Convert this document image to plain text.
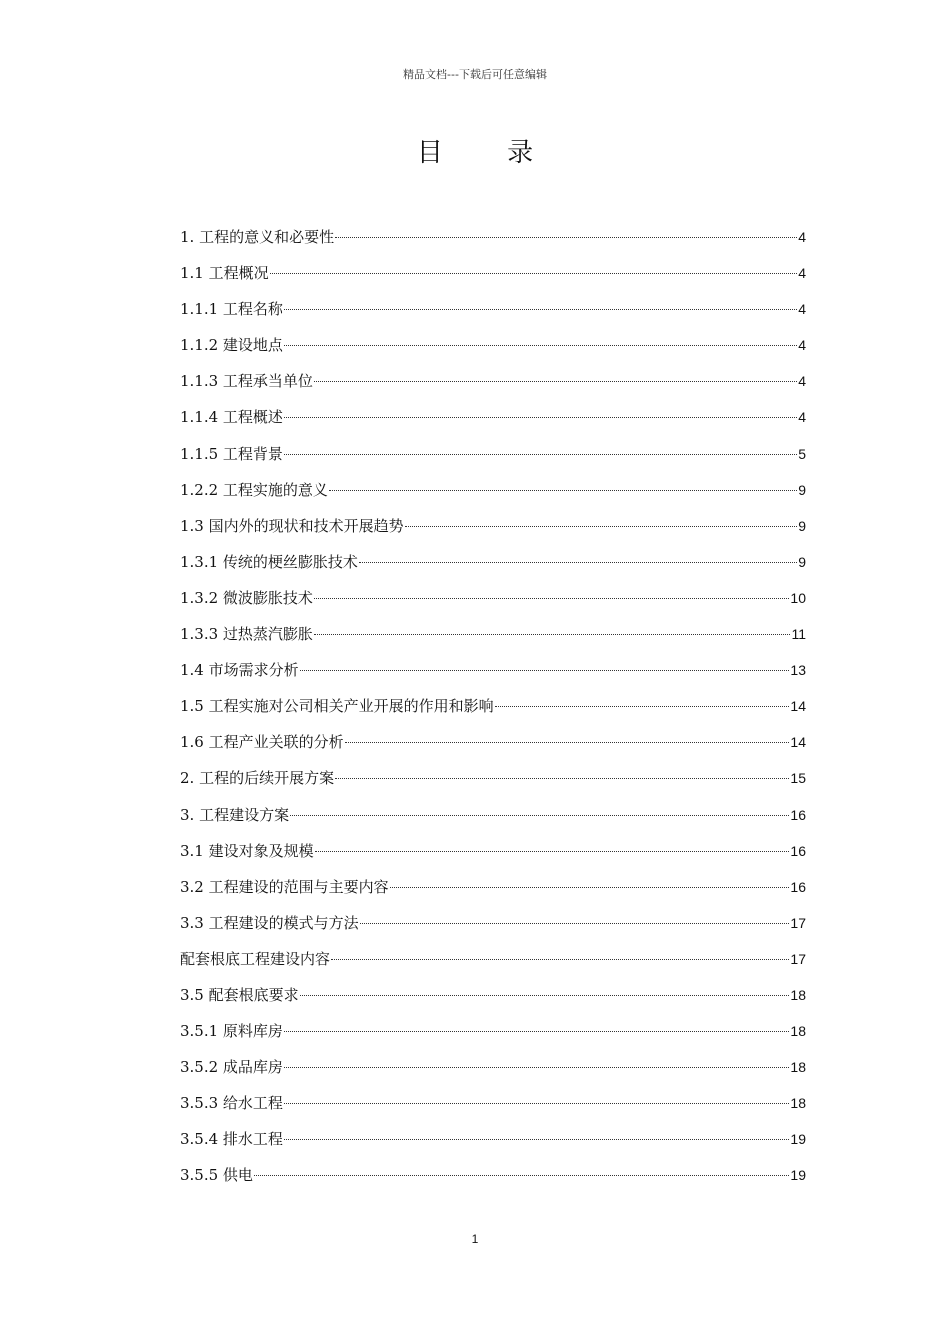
精品文档---下载后可任意编辑
目 录
1. 工程的意义和必要性	4
1.1 工程概况	4
1.1.1 工程名称	4
1.1.2 建设地点	4
1.1.3 工程承当单位	4
1.1.4 工程概述	4
1.1.5 工程背景	5
1.2.2 工程实施的意义	9
1.3 国内外的现状和技术开展趋势	9
1.3.1 传统的梗丝膨胀技术	9
1.3.2 微波膨胀技术	10
1.3.3 过热蒸汽膨胀	11
1.4 市场需求分析	13
1.5 工程实施对公司相关产业开展的作用和影响	14
1.6 工程产业关联的分析	14
2. 工程的后续开展方案	15
3. 工程建设方案	16
3.1 建设对象及规模	16
3.2 工程建设的范围与主要内容	16
3.3 工程建设的模式与方法	17
配套根底工程建设内容	17
3.5 配套根底要求	18
3.5.1 原料库房	18
3.5.2 成品库房	18
3.5.3 给水工程	18
3.5.4 排水工程	19
3.5.5 供电	19
1
